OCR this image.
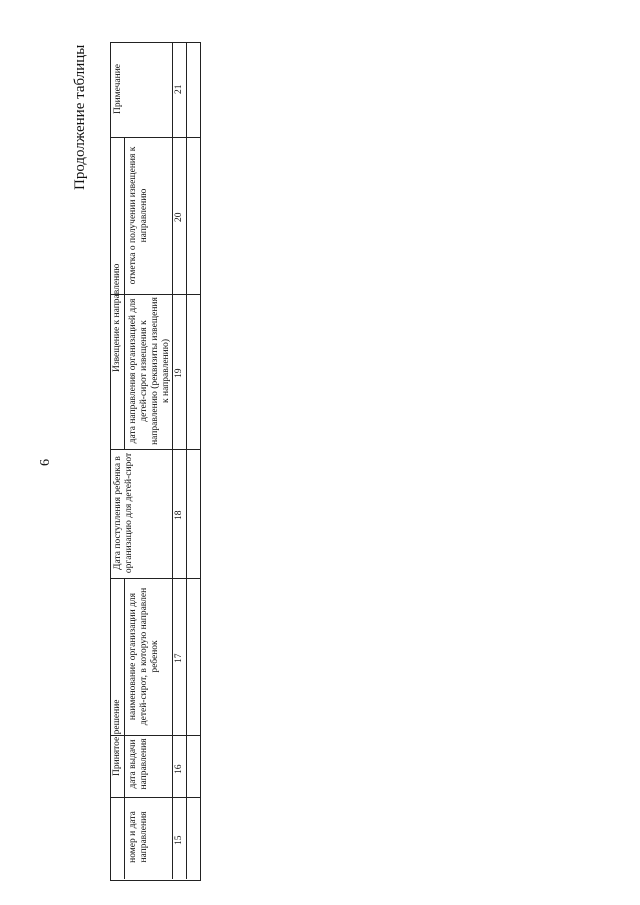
Продолжение таблицы
6
Принятое решение
Извещение к направлению
номер и дата направления
дата выдачи направления
наименование организации для детей-сирот, в которую направлен ребенок
Дата поступления ребенка в организацию для детей-сирот
дата направления организацией для детей-сирот извещения к направлению (реквизиты извещения к направлению)
отметка о получении извещения к направлению
Примечание
15
16
17
18
19
20
21
